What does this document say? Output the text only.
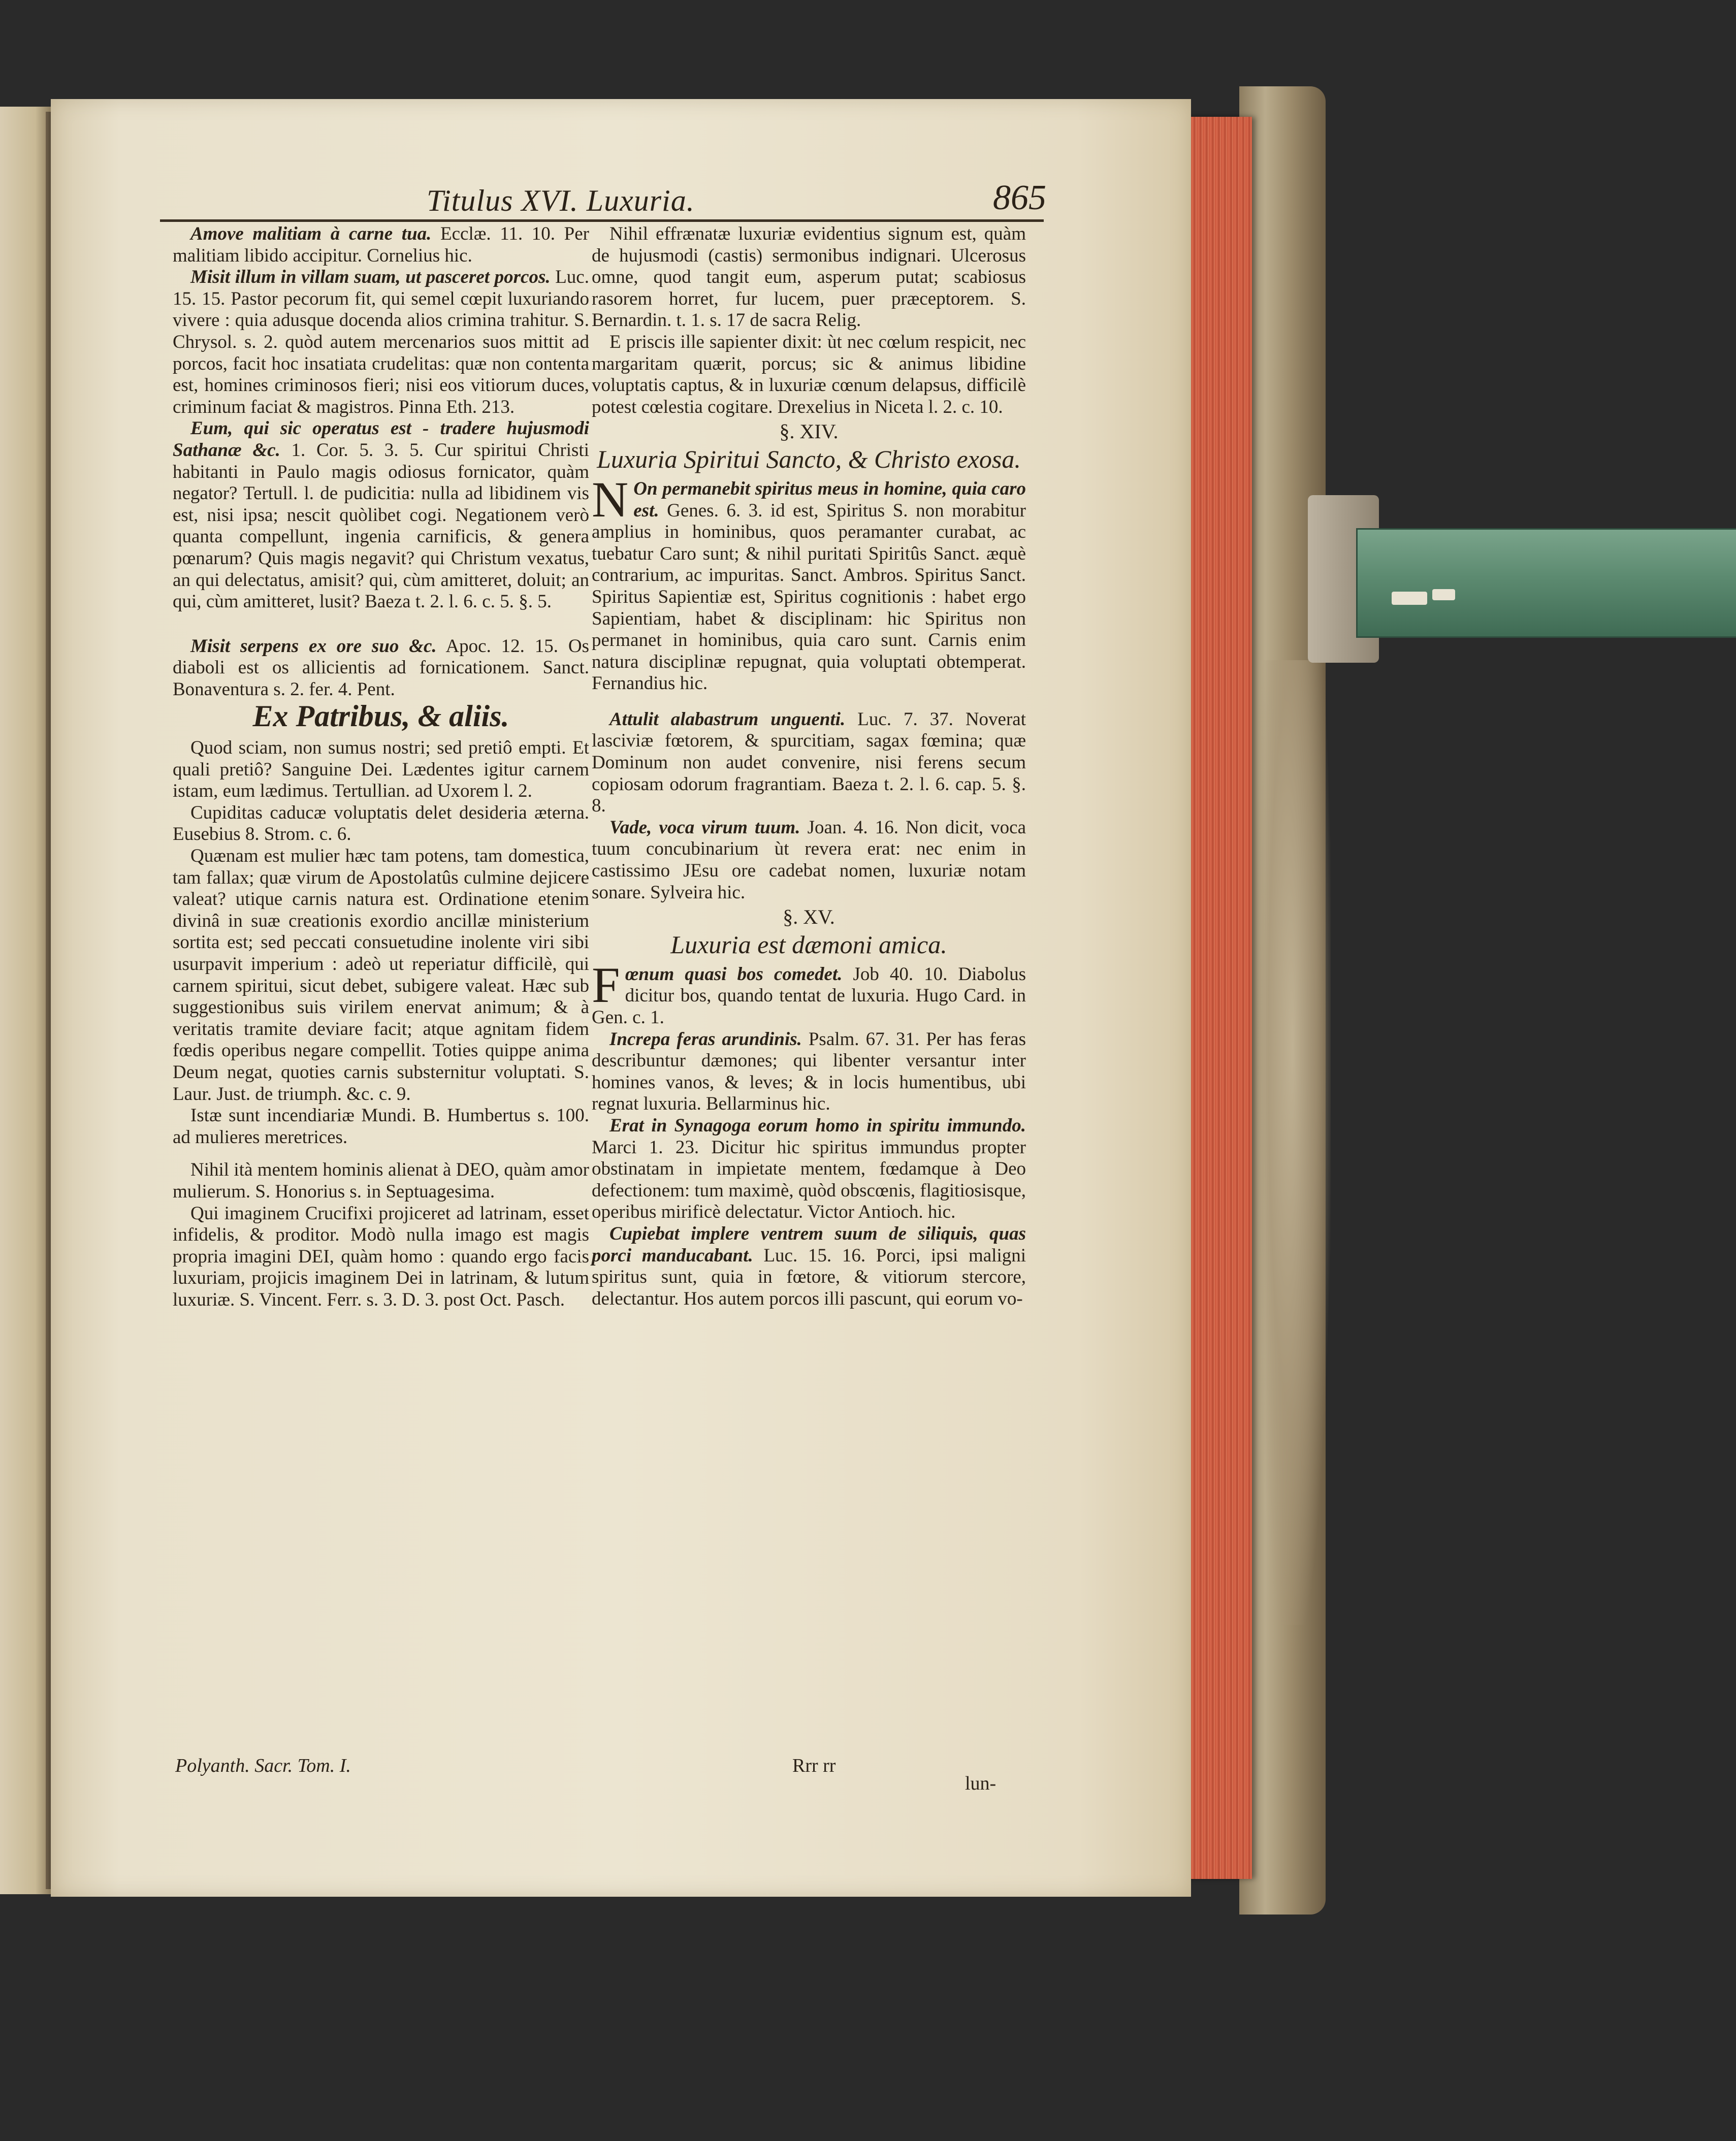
Titulus XVI. Luxuria.	865

Amove malitiam à carne tua. Ecclæ. 11. 10. Per malitiam libido accipitur. Cornelius hic.

Misit illum in villam suam, ut pasceret porcos. Luc. 15. 15. Pastor pecorum fit, qui semel cœpit luxuriando vivere : quia adusque docenda alios crimina trahitur. S. Chrysol. s. 2. quòd autem mercenarios suos mittit ad porcos, facit hoc insatiata crudelitas: quæ non contenta est, homines criminosos fieri; nisi eos vitiorum duces, criminum faciat & magistros. Pinna Eth. 213.

Eum, qui sic operatus est - tradere hujusmodi Sathanæ &c. 1. Cor. 5. 3. 5. Cur spiritui Christi habitanti in Paulo magis odiosus fornicator, quàm negator? Tertull. l. de pudicitia: nulla ad libidinem vis est, nisi ipsa; nescit quòlibet cogi. Negationem verò quanta compellunt, ingenia carnificis, & genera pœnarum? Quis magis negavit? qui Christum vexatus, an qui delectatus, amisit? qui, cùm amitteret, doluit; an qui, cùm amitteret, lusit? Baeza t. 2. l. 6. c. 5. §. 5.

Misit serpens ex ore suo &c. Apoc. 12. 15. Os diaboli est os allicientis ad fornicationem. Sanct. Bonaventura s. 2. fer. 4. Pent.

Ex Patribus, & aliis.

Quod sciam, non sumus nostri; sed pretiô empti. Et quali pretiô? Sanguine Dei. Lædentes igitur carnem istam, eum lædimus. Tertullian. ad Uxorem l. 2.

Cupiditas caducæ voluptatis delet desideria æterna. Eusebius 8. Strom. c. 6.

Quænam est mulier hæc tam potens, tam domestica, tam fallax; quæ virum de Apostolatûs culmine dejicere valeat? utique carnis natura est. Ordinatione etenim divinâ in suæ creationis exordio ancillæ ministerium sortita est; sed peccati consuetudine inolente viri sibi usurpavit imperium : adeò ut reperiatur difficilè, qui carnem spiritui, sicut debet, subigere valeat. Hæc sub suggestionibus suis virilem enervat animum; & à veritatis tramite deviare facit; atque agnitam fidem fœdis operibus negare compellit. Toties quippe anima Deum negat, quoties carnis substernitur voluptati. S. Laur. Just. de triumph. &c. c. 9.

Istæ sunt incendiariæ Mundi. B. Humbertus s. 100. ad mulieres meretrices.

Nihil ità mentem hominis alienat à DEO, quàm amor mulierum. S. Honorius s. in Septuagesima.

Qui imaginem Crucifixi projiceret ad latrinam, esset infidelis, & proditor. Modò nulla imago est magis propria imagini DEI, quàm homo : quando ergo facis luxuriam, projicis imaginem Dei in latrinam, & lutum luxuriæ. S. Vincent. Ferr. s. 3. D. 3. post Oct. Pasch.

Nihil effrænatæ luxuriæ evidentius signum est, quàm de hujusmodi (castis) sermonibus indignari. Ulcerosus omne, quod tangit eum, asperum putat; scabiosus rasorem horret, fur lucem, puer præceptorem. S. Bernardin. t. 1. s. 17 de sacra Relig.

E priscis ille sapienter dixit: ùt nec cœlum respicit, nec margaritam quærit, porcus; sic & animus libidine voluptatis captus, & in luxuriæ cœnum delapsus, difficilè potest cœlestia cogitare. Drexelius in Niceta l. 2. c. 10.

§. XIV.
Luxuria Spiritui Sancto, & Christo exosa.

N On permanebit spiritus meus in homine, quia caro est. Genes. 6. 3. id est, Spiritus S. non morabitur amplius in hominibus, quos peramanter curabat, ac tuebatur Caro sunt; & nihil puritati Spiritûs Sanct. æquè contrarium, ac impuritas. Sanct. Ambros. Spiritus Sanct. Spiritus Sapientiæ est, Spiritus cognitionis : habet ergo Sapientiam, habet & disciplinam: hic Spiritus non permanet in hominibus, quia caro sunt. Carnis enim natura disciplinæ repugnat, quia voluptati obtemperat. Fernandius hic.

Attulit alabastrum unguenti. Luc. 7. 37. Noverat lasciviæ fœtorem, & spurcitiam, sagax fœmina; quæ Dominum non audet convenire, nisi ferens secum copiosam odorum fragrantiam. Baeza t. 2. l. 6. cap. 5. §. 8.

Vade, voca virum tuum. Joan. 4. 16. Non dicit, voca tuum concubinarium ùt revera erat: nec enim in castissimo JEsu ore cadebat nomen, luxuriæ notam sonare. Sylveira hic.

§. XV.
Luxuria est dæmoni amica.

Fœnum quasi bos comedet. Job 40. 10. Diabolus dicitur bos, quando tentat de luxuria. Hugo Card. in Gen. c. 1.

Increpa feras arundinis. Psalm. 67. 31. Per has feras describuntur dæmones; qui libenter versantur inter homines vanos, & leves; & in locis humentibus, ubi regnat luxuria. Bellarminus hic.

Erat in Synagoga eorum homo in spiritu immundo. Marci 1. 23. Dicitur hic spiritus immundus propter obstinatam in impietate mentem, fœdamque à Deo defectionem: tum maximè, quòd obscœnis, flagitiosisque, operibus mirificè delectatur. Victor Antioch. hic.

Cupiebat implere ventrem suum de siliquis, quas porci manducabant. Luc. 15. 16. Porci, ipsi maligni spiritus sunt, quia in fœtore, & vitiorum stercore, delectantur. Hos autem porcos illi pascunt, qui eorum vo-

Polyanth. Sacr. Tom. I.	Rrr rr
lun-
